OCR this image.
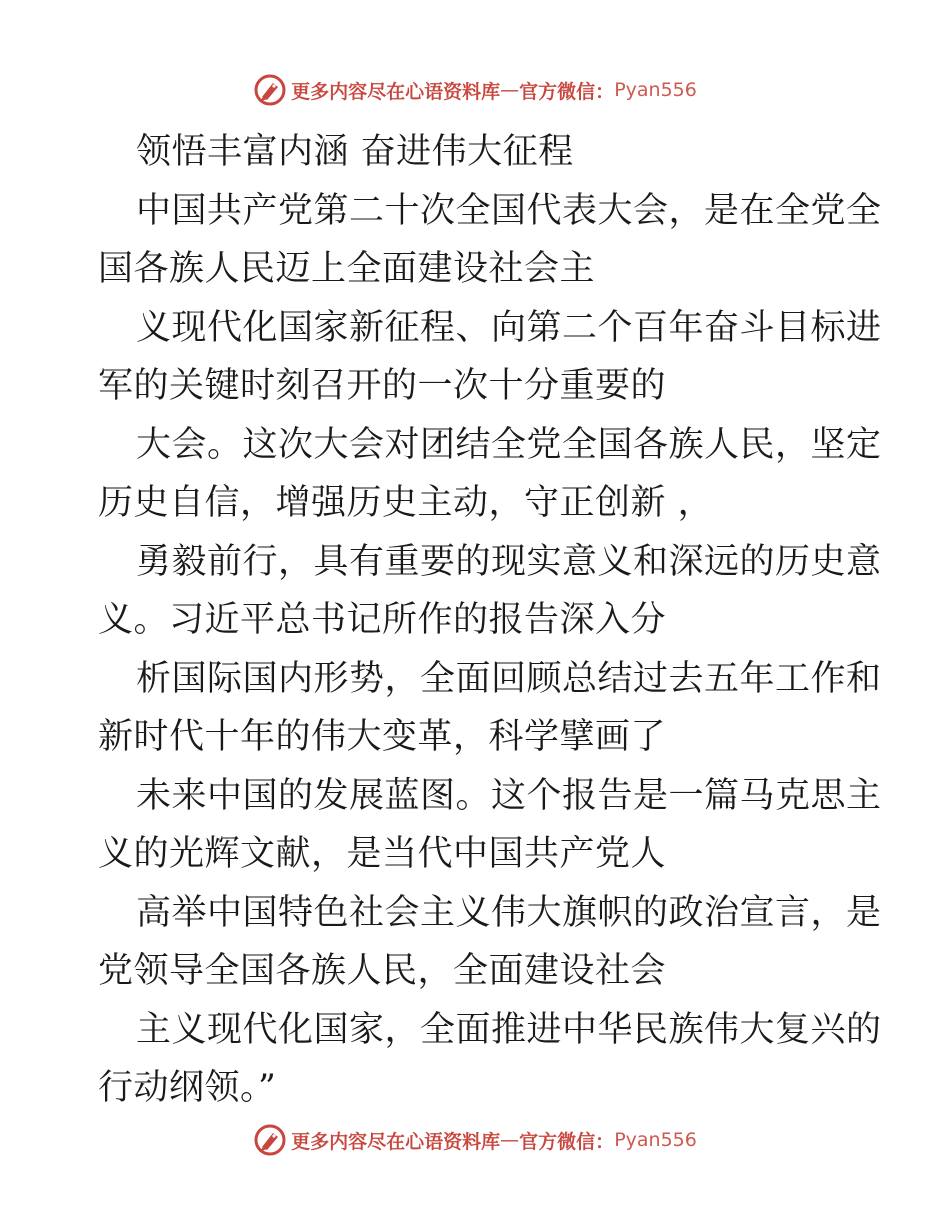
更多内容尽在心语资料库 — 官方微信： Pyan556
领悟丰富内涵 奋进伟大征程
中国共产党第二十次全国代表大会，是在全党全
国各族人民迈上全面建设社会主
义现代化国家新征程、向第二个百年奋斗目标进
军的关键时刻召开的一次十分重要的
大会。这次大会对团结全党全国各族人民，坚定
历史自信，增强历史主动，守正创新 ，
勇毅前行，具有重要的现实意义和深远的历史意
义。习近平总书记所作的报告深入分
析国际国内形势，全面回顾总结过去五年工作和
新时代十年的伟大变革，科学擘画了
未来中国的发展蓝图。这个报告是一篇马克思主
义的光辉文献，是当代中国共产党人
高举中国特色社会主义伟大旗帜的政治宣言，是
党领导全国各族人民，全面建设社会
主义现代化国家，全面推进中华民族伟大复兴的
行动纲领。”
更多内容尽在心语资料库 — 官方微信： Pyan556
